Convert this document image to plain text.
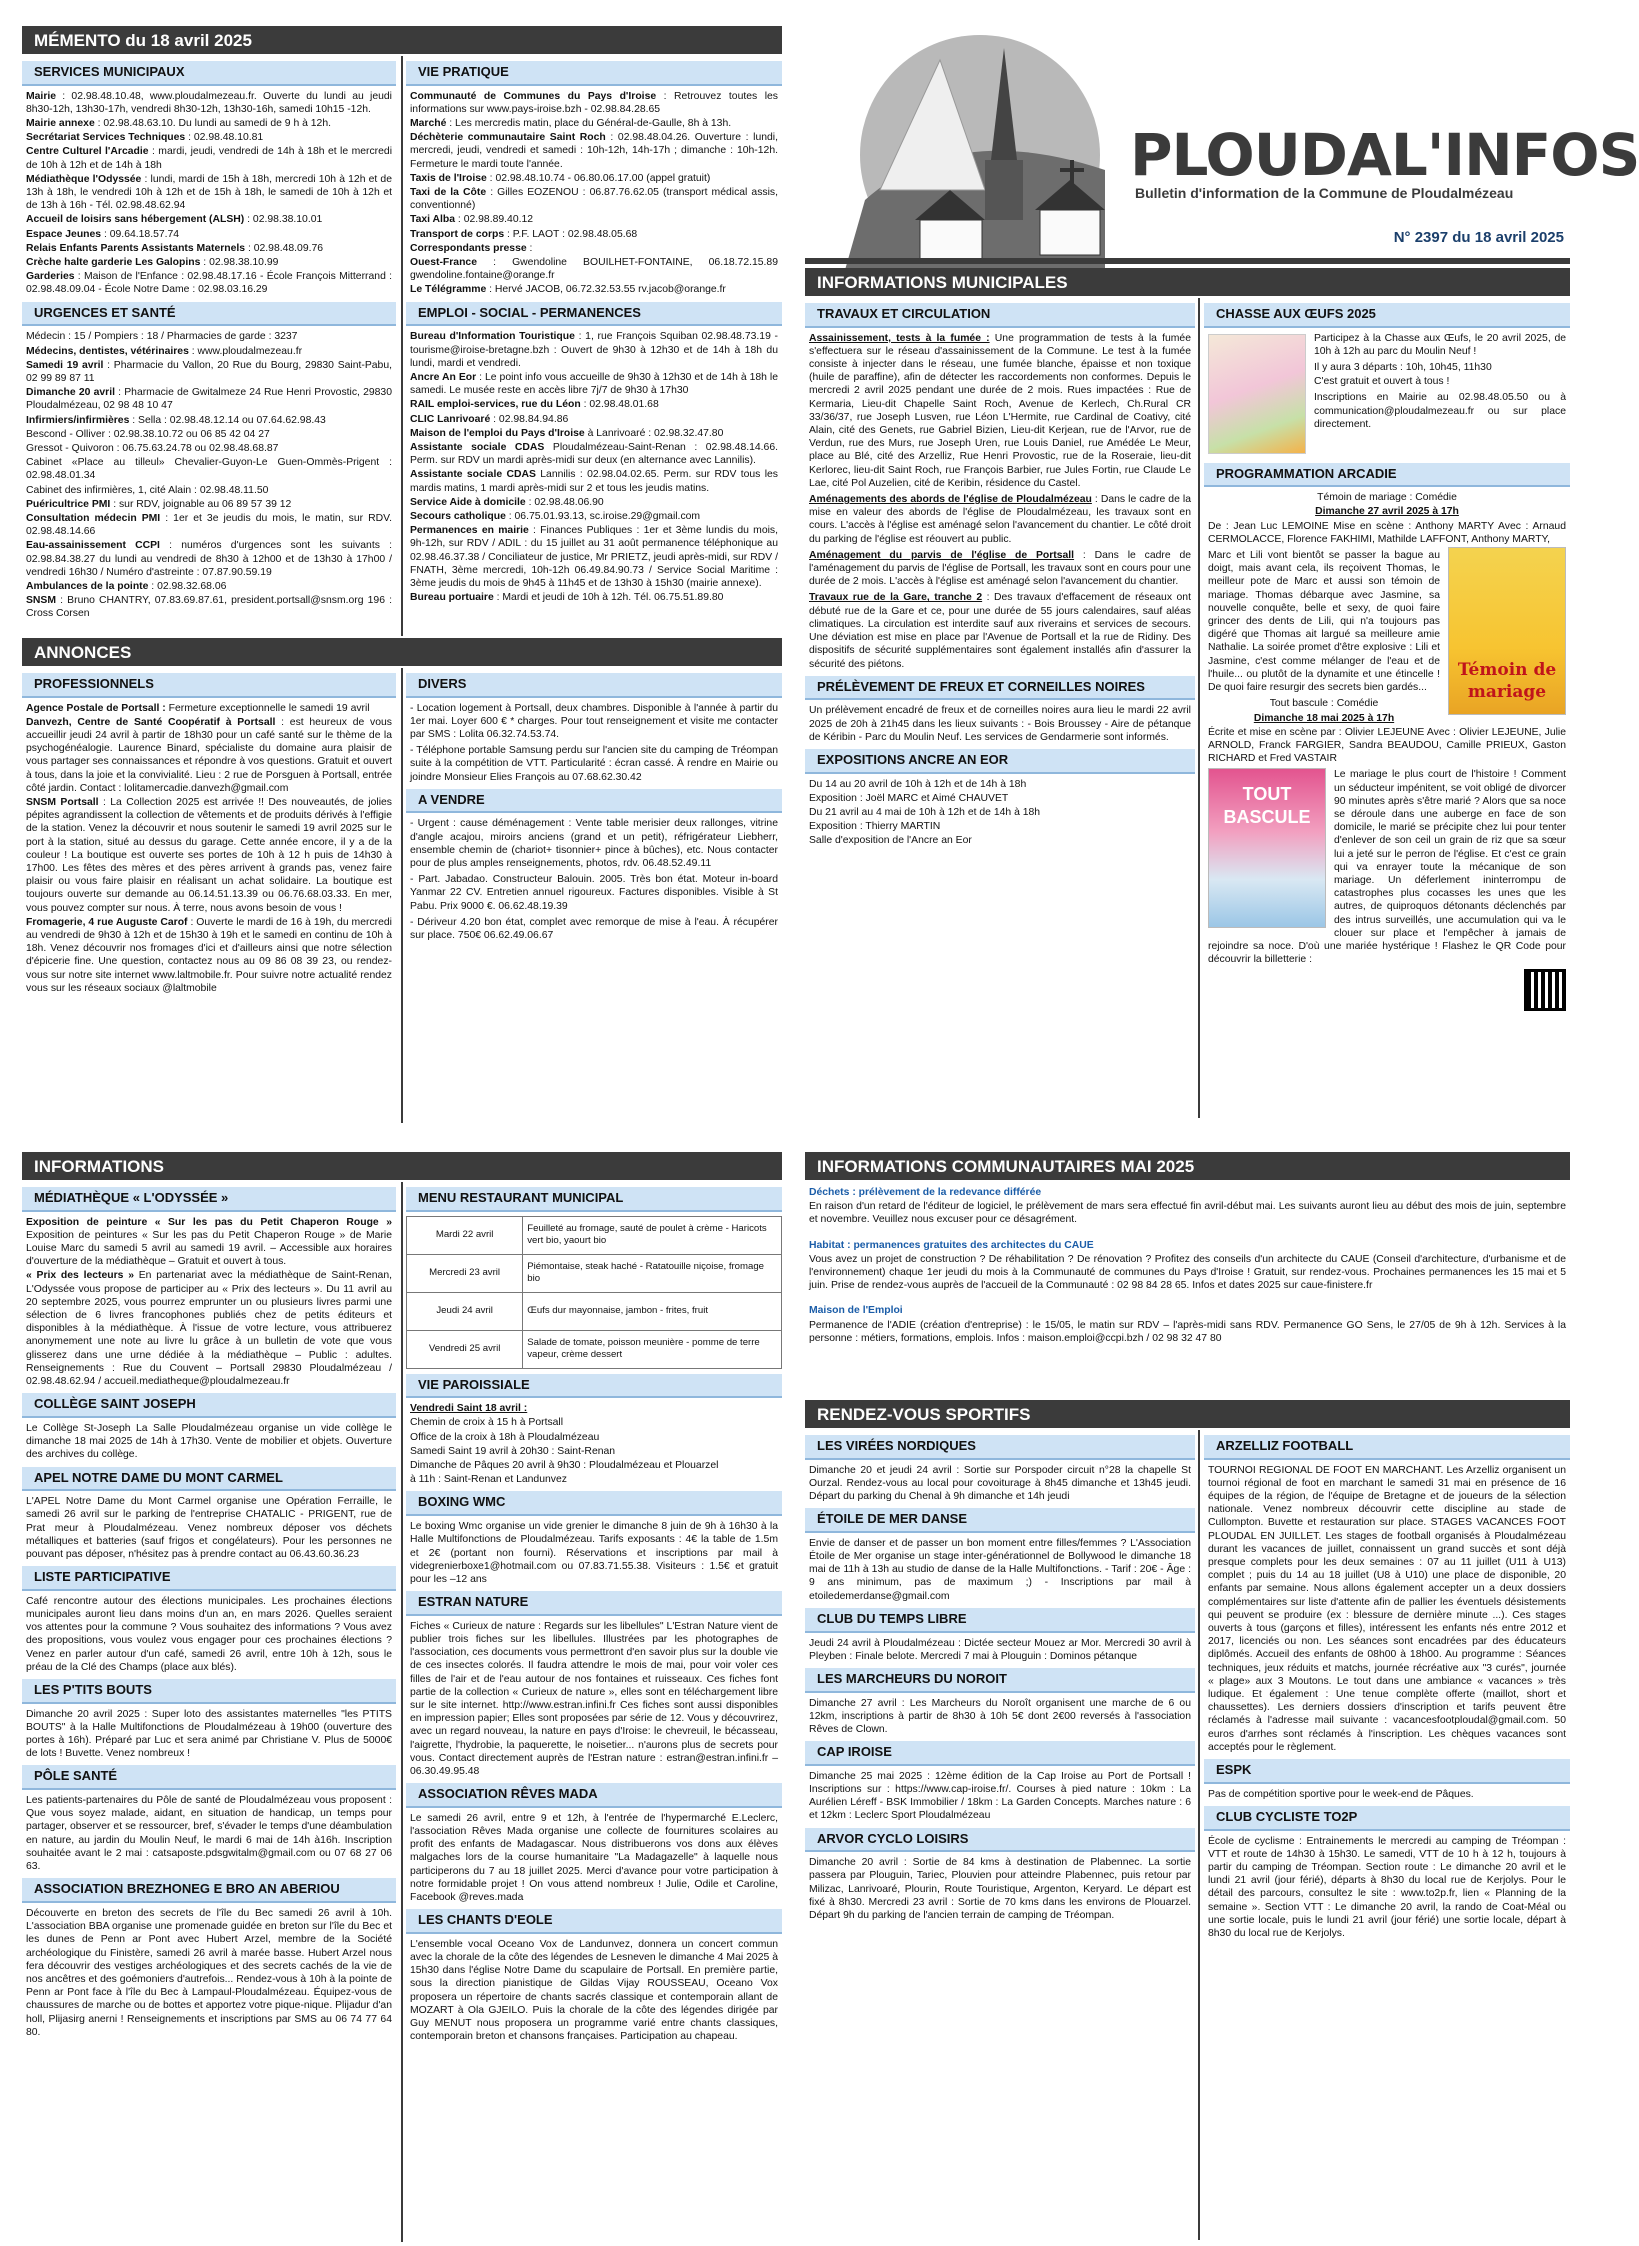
MÉMENTO du 18 avril 2025
SERVICES MUNICIPAUX

Mairie : 02.98.48.10.48, www.ploudalmezeau.fr. Ouverte du lundi au jeudi 8h30-12h, 13h30-17h, vendredi 8h30-12h, 13h30-16h, samedi 10h15 -12h.

Mairie annexe : 02.98.48.63.10. Du lundi au samedi de 9 h à 12h.

Secrétariat Services Techniques : 02.98.48.10.81

Centre Culturel l'Arcadie : mardi, jeudi, vendredi de 14h à 18h et le mercredi de 10h à 12h et de 14h à 18h

Médiathèque l'Odyssée : lundi, mardi de 15h à 18h, mercredi 10h à 12h et de 13h à 18h, le vendredi 10h à 12h et de 15h à 18h, le samedi de 10h à 12h et de 13h à 16h - Tél. 02.98.48.62.94

Accueil de loisirs sans hébergement (ALSH) : 02.98.38.10.01

Espace Jeunes : 09.64.18.57.74

Relais Enfants Parents Assistants Maternels : 02.98.48.09.76

Crèche halte garderie Les Galopins : 02.98.38.10.99

Garderies : Maison de l'Enfance : 02.98.48.17.16 - École François Mitterrand : 02.98.48.09.04 - École Notre Dame : 02.98.03.16.29

URGENCES ET SANTÉ

Médecin : 15 / Pompiers : 18 / Pharmacies de garde : 3237

Médecins, dentistes, vétérinaires : www.ploudalmezeau.fr

Samedi 19 avril : Pharmacie du Vallon, 20 Rue du Bourg, 29830 Saint-Pabu, 02 99 89 87 11

Dimanche 20 avril : Pharmacie de Gwitalmeze 24 Rue Henri Provostic, 29830 Ploudalmézeau, 02 98 48 10 47

Infirmiers/infirmières : Sella : 02.98.48.12.14 ou 07.64.62.98.43

Bescond - Olliver : 02.98.38.10.72 ou 06 85 42 04 27

Gressot - Quivoron : 06.75.63.24.78 ou 02.98.48.68.87

Cabinet «Place au tilleul» Chevalier-Guyon-Le Guen-Ommès-Prigent : 02.98.48.01.34

Cabinet des infirmières, 1, cité Alain : 02.98.48.11.50

Puéricultrice PMI : sur RDV, joignable au 06 89 57 39 12

Consultation médecin PMI : 1er et 3e jeudis du mois, le matin, sur RDV. 02.98.48.14.66

Eau-assainissement CCPI : numéros d'urgences sont les suivants : 02.98.84.38.27 du lundi au vendredi de 8h30 à 12h00 et de 13h30 à 17h00 / vendredi 16h30 / Numéro d'astreinte : 07.87.90.59.19

Ambulances de la pointe : 02.98.32.68.06

SNSM : Bruno CHANTRY, 07.83.69.87.61, president.portsall@snsm.org 196 : Cross Corsen

VIE PRATIQUE

Communauté de Communes du Pays d'Iroise : Retrouvez toutes les informations sur www.pays-iroise.bzh - 02.98.84.28.65

Marché : Les mercredis matin, place du Général-de-Gaulle, 8h à 13h.

Déchèterie communautaire Saint Roch : 02.98.48.04.26. Ouverture : lundi, mercredi, jeudi, vendredi et samedi : 10h-12h, 14h-17h ; dimanche : 10h-12h. Fermeture le mardi toute l'année.

Taxis de l'Iroise : 02.98.48.10.74 - 06.80.06.17.00 (appel gratuit)

Taxi de la Côte : Gilles EOZENOU : 06.87.76.62.05 (transport médical assis, conventionné)

Taxi Alba : 02.98.89.40.12

Transport de corps : P.F. LAOT : 02.98.48.05.68

Correspondants presse :

Ouest-France : Gwendoline BOUILHET-FONTAINE, 06.18.72.15.89 gwendoline.fontaine@orange.fr

Le Télégramme : Hervé JACOB, 06.72.32.53.55 rv.jacob@orange.fr

EMPLOI - SOCIAL - PERMANENCES

Bureau d'Information Touristique : 1, rue François Squiban 02.98.48.73.19 - tourisme@iroise-bretagne.bzh : Ouvert de 9h30 à 12h30 et de 14h à 18h du lundi, mardi et vendredi.

Ancre An Eor : Le point info vous accueille de 9h30 à 12h30 et de 14h à 18h le samedi. Le musée reste en accès libre 7j/7 de 9h30 à 17h30

RAIL emploi-services, rue du Léon : 02.98.48.01.68

CLIC Lanrivoaré : 02.98.84.94.86

Maison de l'emploi du Pays d'Iroise à Lanrivoaré : 02.98.32.47.80

Assistante sociale CDAS Ploudalmézeau-Saint-Renan : 02.98.48.14.66. Perm. sur RDV un mardi après-midi sur deux (en alternance avec Lannilis).

Assistante sociale CDAS Lannilis : 02.98.04.02.65. Perm. sur RDV tous les mardis matins, 1 mardi après-midi sur 2 et tous les jeudis matins.

Service Aide à domicile : 02.98.48.06.90

Secours catholique : 06.75.01.93.13, sc.iroise.29@gmail.com

Permanences en mairie : Finances Publiques : 1er et 3ème lundis du mois, 9h-12h, sur RDV / ADIL : du 15 juillet au 31 août permanence téléphonique au 02.98.46.37.38 / Conciliateur de justice, Mr PRIETZ, jeudi après-midi, sur RDV / FNATH, 3ème mercredi, 10h-12h 06.49.84.90.73 / Service Social Maritime : 3ème jeudis du mois de 9h45 à 11h45 et de 13h30 à 15h30 (mairie annexe).

Bureau portuaire : Mardi et jeudi de 10h à 12h. Tél. 06.75.51.89.80

PLOUDAL'INFOS
Bulletin d'information de la Commune de Ploudalmézeau
N° 2397 du 18 avril 2025
INFORMATIONS MUNICIPALES
TRAVAUX ET CIRCULATION

Assainissement, tests à la fumée : Une programmation de tests à la fumée s'effectuera sur le réseau d'assainissement de la Commune. Le test à la fumée consiste à injecter dans le réseau, une fumée blanche, épaisse et non toxique (huile de paraffine), afin de détecter les raccordements non conformes. Depuis le mercredi 2 avril 2025 pendant une durée de 2 mois. Rues impactées : Rue de Kermaria, Lieu-dit Chapelle Saint Roch, Avenue de Kerlech, Ch.Rural CR 33/36/37, rue Joseph Lusven, rue Léon L'Hermite, rue Cardinal de Coativy, cité Alain, cité des Genets, rue Gabriel Bizien, Lieu-dit Kerjean, rue de l'Arvor, rue de Verdun, rue des Murs, rue Joseph Uren, rue Louis Daniel, rue Amédée Le Meur, place au Blé, cité des Arzelliz, Rue Henri Provostic, rue de la Roseraie, lieu-dit Kerlorec, lieu-dit Saint Roch, rue François Barbier, rue Jules Fortin, rue Claude Le Lae, cité Pol Auzelien, cité de Keribin, résidence du Castel.

Aménagements des abords de l'église de Ploudalmézeau : Dans le cadre de la mise en valeur des abords de l'église de Ploudalmézeau, les travaux sont en cours. L'accès à l'église est aménagé selon l'avancement du chantier. Le côté droit du parking de l'église est réouvert au public.

Aménagement du parvis de l'église de Portsall : Dans le cadre de l'aménagement du parvis de l'église de Portsall, les travaux sont en cours pour une durée de 2 mois. L'accès à l'église est aménagé selon l'avancement du chantier.

Travaux rue de la Gare, tranche 2 : Des travaux d'effacement de réseaux ont débuté rue de la Gare et ce, pour une durée de 55 jours calendaires, sauf aléas climatiques. La circulation est interdite sauf aux riverains et services de secours. Une déviation est mise en place par l'Avenue de Portsall et la rue de Ridiny. Des dispositifs de sécurité supplémentaires sont également installés afin d'assurer la sécurité des piétons.

PRÉLÈVEMENT DE FREUX ET CORNEILLES NOIRES
Un prélèvement encadré de freux et de corneilles noires aura lieu le mardi 22 avril 2025 de 20h à 21h45 dans les lieux suivants : - Bois Broussey - Aire de pétanque de Kéribin - Parc du Moulin Neuf. Les services de Gendarmerie sont informés.
EXPOSITIONS ANCRE AN EOR

Du 14 au 20 avril de 10h à 12h et de 14h à 18h

Exposition : Joël MARC et Aimé CHAUVET

Du 21 avril au 4 mai de 10h à 12h et de 14h à 18h

Exposition : Thierry MARTIN

Salle d'exposition de l'Ancre an Eor

CHASSE AUX ŒUFS 2025

Participez à la Chasse aux Œufs, le 20 avril 2025, de 10h à 12h au parc du Moulin Neuf !

Il y aura 3 départs : 10h, 10h45, 11h30

C'est gratuit et ouvert à tous !

Inscriptions en Mairie au 02.98.48.05.50 ou à communication@ploudalmezeau.fr ou sur place directement.

PROGRAMMATION ARCADIE

Témoin de mariage : Comédie

Dimanche 27 avril 2025 à 17h

De : Jean Luc LEMOINE Mise en scène : Anthony MARTY Avec : Arnaud CERMOLACCE, Florence FAKHIMI, Mathilde LAFFONT, Anthony MARTY,

Témoin de mariage

Marc et Lili vont bientôt se passer la bague au doigt, mais avant cela, ils reçoivent Thomas, le meilleur pote de Marc et aussi son témoin de mariage. Thomas débarque avec Jasmine, sa nouvelle conquête, belle et sexy, de quoi faire grincer des dents de Lili, qui n'a toujours pas digéré que Thomas ait largué sa meilleure amie Nathalie. La soirée promet d'être explosive : Lili et Jasmine, c'est comme mélanger de l'eau et de l'huile... ou plutôt de la dynamite et une étincelle ! De quoi faire resurgir des secrets bien gardés...

Tout bascule : Comédie

Dimanche 18 mai 2025 à 17h

Écrite et mise en scène par : Olivier LEJEUNE Avec : Olivier LEJEUNE, Julie ARNOLD, Franck FARGIER, Sandra BEAUDOU, Camille PRIEUX, Gaston RICHARD et Fred VASTAIR

TOUT BASCULE

Le mariage le plus court de l'histoire ! Comment un séducteur impénitent, se voit obligé de divorcer 90 minutes après s'être marié ? Alors que sa noce se déroule dans une auberge en face de son domicile, le marié se précipite chez lui pour tenter d'enlever de son ceil un grain de riz que sa sœur lui a jeté sur le perron de l'église. Et c'est ce grain qui va enrayer toute la mécanique de son mariage. Un déferlement ininterrompu de catastrophes plus cocasses les unes que les autres, de quiproquos détonants déclenchés par des intrus surveillés, une accumulation qui va le clouer sur place et l'empêcher à jamais de rejoindre sa noce. D'où une mariée hystérique ! Flashez le QR Code pour découvrir la billetterie :

ANNONCES
PROFESSIONNELS

Agence Postale de Portsall : Fermeture exceptionnelle le samedi 19 avril

Danvezh, Centre de Santé Coopératif à Portsall : est heureux de vous accueillir jeudi 24 avril à partir de 18h30 pour un café santé sur le thème de la psychogénéalogie. Laurence Binard, spécialiste du domaine aura plaisir de vous partager ses connaissances et répondre à vos questions. Gratuit et ouvert à tous, dans la joie et la convivialité. Lieu : 2 rue de Porsguen à Portsall, entrée côté jardin. Contact : lolitamercadie.danvezh@gmail.com

SNSM Portsall : La Collection 2025 est arrivée !! Des nouveautés, de jolies pépites agrandissent la collection de vêtements et de produits dérivés à l'effigie de la station. Venez la découvrir et nous soutenir le samedi 19 avril 2025 sur le port à la station, situé au dessus du garage. Cette année encore, il y a de la couleur ! La boutique est ouverte ses portes de 10h à 12 h puis de 14h30 à 17h00. Les fêtes des mères et des pères arrivent à grands pas, venez faire plaisir ou vous faire plaisir en réalisant un achat solidaire. La boutique est toujours ouverte sur demande au 06.14.51.13.39 ou 06.76.68.03.33. En mer, vous pouvez compter sur nous. À terre, nous avons besoin de vous !

Fromagerie, 4 rue Auguste Carof : Ouverte le mardi de 16 à 19h, du mercredi au vendredi de 9h30 à 12h et de 15h30 à 19h et le samedi en continu de 10h à 18h. Venez découvrir nos fromages d'ici et d'ailleurs ainsi que notre sélection d'épicerie fine. Une question, contactez nous au 09 86 08 39 23, ou rendez-vous sur notre site internet www.laltmobile.fr. Pour suivre notre actualité rendez vous sur les réseaux sociaux @laltmobile

DIVERS

- Location logement à Portsall, deux chambres. Disponible à l'année à partir du 1er mai. Loyer 600 € * charges. Pour tout renseignement et visite me contacter par SMS : Lolita 06.32.74.53.74.

- Téléphone portable Samsung perdu sur l'ancien site du camping de Tréompan suite à la compétition de VTT. Particularité : écran cassé. À rendre en Mairie ou joindre Monsieur Elies François au 07.68.62.30.42

A VENDRE

- Urgent : cause déménagement : Vente table merisier deux rallonges, vitrine d'angle acajou, miroirs anciens (grand et un petit), réfrigérateur Liebherr, ensemble chemin de (chariot+ tisonnier+ pince à bûches), etc. Nous contacter pour de plus amples renseignements, photos, rdv. 06.48.52.49.11

- Part. Jabadao. Constructeur Balouin. 2005. Très bon état. Moteur in-board Yanmar 22 CV. Entretien annuel rigoureux. Factures disponibles. Visible à St Pabu. Prix 9000 €. 06.62.48.19.39

- Dériveur 4.20 bon état, complet avec remorque de mise à l'eau. À récupérer sur place. 750€ 06.62.49.06.67

INFORMATIONS
MÉDIATHÈQUE « L'ODYSSÉE »

Exposition de peinture « Sur les pas du Petit Chaperon Rouge » Exposition de peintures « Sur les pas du Petit Chaperon Rouge » de Marie Louise Marc du samedi 5 avril au samedi 19 avril. – Accessible aux horaires d'ouverture de la médiathèque – Gratuit et ouvert à tous.

« Prix des lecteurs » En partenariat avec la médiathèque de Saint-Renan, L'Odyssée vous propose de participer au « Prix des lecteurs ». Du 11 avril au 20 septembre 2025, vous pourrez emprunter un ou plusieurs livres parmi une sélection de 6 livres francophones publiés chez de petits éditeurs et disponibles à la médiathèque. À l'issue de votre lecture, vous attribuerez anonymement une note au livre lu grâce à un bulletin de vote que vous glisserez dans une urne dédiée à la médiathèque – Public : adultes. Renseignements : Rue du Couvent – Portsall 29830 Ploudalmézeau / 02.98.48.62.94 / accueil.mediatheque@ploudalmezeau.fr

COLLÈGE SAINT JOSEPH
Le Collège St-Joseph La Salle Ploudalmézeau organise un vide collège le dimanche 18 mai 2025 de 14h à 17h30. Vente de mobilier et objets. Ouverture des archives du collège.
APEL NOTRE DAME DU MONT CARMEL
L'APEL Notre Dame du Mont Carmel organise une Opération Ferraille, le samedi 26 avril sur le parking de l'entreprise CHATALIC - PRIGENT, rue de Prat meur à Ploudalmézeau. Venez nombreux déposer vos déchets métalliques et batteries (sauf frigos et congélateurs). Pour les personnes ne pouvant pas déposer, n'hésitez pas à prendre contact au 06.43.60.36.23
LISTE PARTICIPATIVE
Café rencontre autour des élections municipales. Les prochaines élections municipales auront lieu dans moins d'un an, en mars 2026. Quelles seraient vos attentes pour la commune ? Vous souhaitez des informations ? Vous avez des propositions, vous voulez vous engager pour ces prochaines élections ? Venez en parler autour d'un café, samedi 26 avril, entre 10h à 12h, sous le préau de la Clé des Champs (place aux blés).
LES P'TITS BOUTS
Dimanche 20 avril 2025 : Super loto des assistantes maternelles "les PTITS BOUTS" à la Halle Multifonctions de Ploudalmézeau à 19h00 (ouverture des portes à 16h). Préparé par Luc et sera animé par Christiane V. Plus de 5000€ de lots ! Buvette. Venez nombreux !
PÔLE SANTÉ
Les patients-partenaires du Pôle de santé de Ploudalmézeau vous proposent : Que vous soyez malade, aidant, en situation de handicap, un temps pour partager, observer et se ressourcer, bref, s'évader le temps d'une déambulation en nature, au jardin du Moulin Neuf, le mardi 6 mai de 14h à16h. Inscription souhaitée avant le 2 mai : catsaposte.pdsgwitalm@gmail.com ou 07 68 27 06 63.
ASSOCIATION BREZHONEG E BRO AN ABERIOU
Découverte en breton des secrets de l'île du Bec samedi 26 avril à 10h. L'association BBA organise une promenade guidée en breton sur l'île du Bec et les dunes de Penn ar Pont avec Hubert Arzel, membre de la Société archéologique du Finistère, samedi 26 avril à marée basse. Hubert Arzel nous fera découvrir des vestiges archéologiques et des secrets cachés de la vie de nos ancêtres et des goémoniers d'autrefois... Rendez-vous à 10h à la pointe de Penn ar Pont face à l'île du Bec à Lampaul-Ploudalmézeau. Équipez-vous de chaussures de marche ou de bottes et apportez votre pique-nique. Plijadur d'an holl, Plijasirg anerni ! Renseignements et inscriptions par SMS au 06 74 77 64 80.
MENU RESTAURANT MUNICIPAL
Mardi 22 avril	Feuilleté au fromage, sauté de poulet à crème - Haricots vert bio, yaourt bio
Mercredi 23 avril	Piémontaise, steak haché - Ratatouille niçoise, fromage bio
Jeudi 24 avril	Œufs dur mayonnaise, jambon - frites, fruit
Vendredi 25 avril	Salade de tomate, poisson meunière - pomme de terre vapeur, crème dessert
VIE PAROISSIALE

Vendredi Saint 18 avril :

Chemin de croix à 15 h à Portsall

Office de la croix à 18h à Ploudalmézeau

Samedi Saint 19 avril à 20h30 : Saint-Renan

Dimanche de Pâques 20 avril à 9h30 : Ploudalmézeau et Plouarzel

à 11h : Saint-Renan et Landunvez

BOXING WMC
Le boxing Wmc organise un vide grenier le dimanche 8 juin de 9h à 16h30 à la Halle Multifonctions de Ploudalmézeau. Tarifs exposants : 4€ la table de 1.5m et 2€ (portant non fourni). Réservations et inscriptions par mail à videgrenierboxe1@hotmail.com ou 07.83.71.55.38. Visiteurs : 1.5€ et gratuit pour les –12 ans
ESTRAN NATURE
Fiches « Curieux de nature : Regards sur les libellules" L'Estran Nature vient de publier trois fiches sur les libellules. Illustrées par les photographes de l'association, ces documents vous permettront d'en savoir plus sur la double vie de ces insectes colorés. Il faudra attendre le mois de mai, pour voir voler ces filles de l'air et de l'eau autour de nos fontaines et ruisseaux. Ces fiches font partie de la collection « Curieux de nature », elles sont en téléchargement libre sur le site internet. http://www.estran.infini.fr Ces fiches sont aussi disponibles en impression papier; Elles sont proposées par série de 12. Vous y découvrirez, avec un regard nouveau, la nature en pays d'Iroise: le chevreuil, le bécasseau, l'aigrette, l'hydrobie, la paquerette, le noisetier... n'aurons plus de secrets pour vous. Contact directement auprès de l'Estran nature : estran@estran.infini.fr – 06.30.49.95.48
ASSOCIATION RÊVES MADA
Le samedi 26 avril, entre 9 et 12h, à l'entrée de l'hypermarché E.Leclerc, l'association Rêves Mada organise une collecte de fournitures scolaires au profit des enfants de Madagascar. Nous distribuerons vos dons aux élèves malgaches lors de la course humanitaire "La Madagazelle" à laquelle nous participerons du 7 au 18 juillet 2025. Merci d'avance pour votre participation à notre formidable projet ! On vous attend nombreux ! Julie, Odile et Caroline, Facebook @reves.mada
LES CHANTS D'EOLE
L'ensemble vocal Oceano Vox de Landunvez, donnera un concert commun avec la chorale de la côte des légendes de Lesneven le dimanche 4 Mai 2025 à 15h30 dans l'église Notre Dame du scapulaire de Portsall. En première partie, sous la direction pianistique de Gildas Vijay ROUSSEAU, Oceano Vox proposera un répertoire de chants sacrés classique et contemporain allant de MOZART à Ola GJEILO. Puis la chorale de la côte des légendes dirigée par Guy MENUT nous proposera un programme varié entre chants classiques, contemporain breton et chansons françaises. Participation au chapeau.
INFORMATIONS COMMUNAUTAIRES MAI 2025

Déchets : prélèvement de la redevance différée

En raison d'un retard de l'éditeur de logiciel, le prélèvement de mars sera effectué fin avril-début mai. Les suivants auront lieu au début des mois de juin, septembre et novembre. Veuillez nous excuser pour ce désagrément.

Habitat : permanences gratuites des architectes du CAUE

Vous avez un projet de construction ? De réhabilitation ? De rénovation ? Profitez des conseils d'un architecte du CAUE (Conseil d'architecture, d'urbanisme et de l'environnement) chaque 1er jeudi du mois à la Communauté de communes du Pays d'Iroise ! Gratuit, sur rendez-vous. Prochaines permanences les 15 mai et 5 juin. Prise de rendez-vous auprès de l'accueil de la Communauté : 02 98 84 28 65. Infos et dates 2025 sur caue-finistere.fr

Maison de l'Emploi

Permanence de l'ADIE (création d'entreprise) : le 15/05, le matin sur RDV – l'après-midi sans RDV. Permanence GO Sens, le 27/05 de 9h à 12h. Services à la personne : métiers, formations, emplois. Infos : maison.emploi@ccpi.bzh / 02 98 32 47 80

RENDEZ-VOUS SPORTIFS
LES VIRÉES NORDIQUES
Dimanche 20 et jeudi 24 avril : Sortie sur Porspoder circuit n°28 la chapelle St Ourzal. Rendez-vous au local pour covoiturage à 8h45 dimanche et 13h45 jeudi. Départ du parking du Chenal à 9h dimanche et 14h jeudi
ÉTOILE DE MER DANSE
Envie de danser et de passer un bon moment entre filles/femmes ? L'Association Étoile de Mer organise un stage inter-générationnel de Bollywood le dimanche 18 mai de 11h à 13h au studio de danse de la Halle Multifonctions. - Tarif : 20€ - Âge : 9 ans minimum, pas de maximum ;) - Inscriptions par mail à etoiledemerdanse@gmail.com
CLUB DU TEMPS LIBRE
Jeudi 24 avril à Ploudalmézeau : Dictée secteur Mouez ar Mor. Mercredi 30 avril à Pleyben : Finale belote. Mercredi 7 mai à Plouguin : Dominos pétanque
LES MARCHEURS DU NOROIT
Dimanche 27 avril : Les Marcheurs du Noroît organisent une marche de 6 ou 12km, inscriptions à partir de 8h30 à 10h 5€ dont 2€00 reversés à l'association Rêves de Clown.
CAP IROISE
Dimanche 25 mai 2025 : 12ème édition de la Cap Iroise au Port de Portsall ! Inscriptions sur : https://www.cap-iroise.fr/. Courses à pied nature : 10km : La Aurélien Léreff - BSK Immobilier / 18km : La Garden Concepts. Marches nature : 6 et 12km : Leclerc Sport Ploudalmézeau
ARVOR CYCLO LOISIRS
Dimanche 20 avril : Sortie de 84 kms à destination de Plabennec. La sortie passera par Plouguin, Tariec, Plouvien pour atteindre Plabennec, puis retour par Milizac, Lanrivoaré, Plourin, Route Touristique, Argenton, Keryard. Le départ est fixé à 8h30. Mercredi 23 avril : Sortie de 70 kms dans les environs de Plouarzel. Départ 9h du parking de l'ancien terrain de camping de Tréompan.
ARZELLIZ FOOTBALL
TOURNOI REGIONAL DE FOOT EN MARCHANT. Les Arzelliz organisent un tournoi régional de foot en marchant le samedi 31 mai en présence de 16 équipes de la région, de l'équipe de Bretagne et de joueurs de la sélection nationale. Venez nombreux découvrir cette discipline au stade de Cullompton. Buvette et restauration sur place. STAGES VACANCES FOOT PLOUDAL EN JUILLET. Les stages de football organisés à Ploudalmézeau durant les vacances de juillet, connaissent un grand succès et sont déjà presque complets pour les deux semaines : 07 au 11 juillet (U11 à U13) complet ; puis du 14 au 18 juillet (U8 à U10) une place de disponible, 20 enfants par semaine. Nous allons également accepter un a deux dossiers complémentaires sur liste d'attente afin de pallier les éventuels désistements qui peuvent se produire (ex : blessure de dernière minute ...). Ces stages ouverts à tous (garçons et filles), intéressent les enfants nés entre 2012 et 2017, licenciés ou non. Les séances sont encadrées par des éducateurs diplômés. Accueil des enfants de 08h00 à 18h00. Au programme : Séances techniques, jeux réduits et matchs, journée récréative aux "3 curés", journée « plage» aux 3 Moutons. Le tout dans une ambiance « vacances » très ludique. Et également : Une tenue complète offerte (maillot, short et chaussettes). Les derniers dossiers d'inscription et tarifs peuvent être réclamés à l'adresse mail suivante : vacancesfootploudal@gmail.com. 50 euros d'arrhes sont réclamés à l'inscription. Les chèques vacances sont acceptés pour le règlement.
ESPK
Pas de compétition sportive pour le week-end de Pâques.
CLUB CYCLISTE TO2P
École de cyclisme : Entrainements le mercredi au camping de Tréompan : VTT et route de 14h30 à 15h30. Le samedi, VTT de 10 h à 12 h, toujours à partir du camping de Tréompan. Section route : Le dimanche 20 avril et le lundi 21 avril (jour férié), départs à 8h30 du local rue de Kerjolys. Pour le détail des parcours, consultez le site : www.to2p.fr, lien « Planning de la semaine ». Section VTT : Le dimanche 20 avril, la rando de Coat-Méal ou une sortie locale, puis le lundi 21 avril (jour férié) une sortie locale, départ à 8h30 du local rue de Kerjolys.
